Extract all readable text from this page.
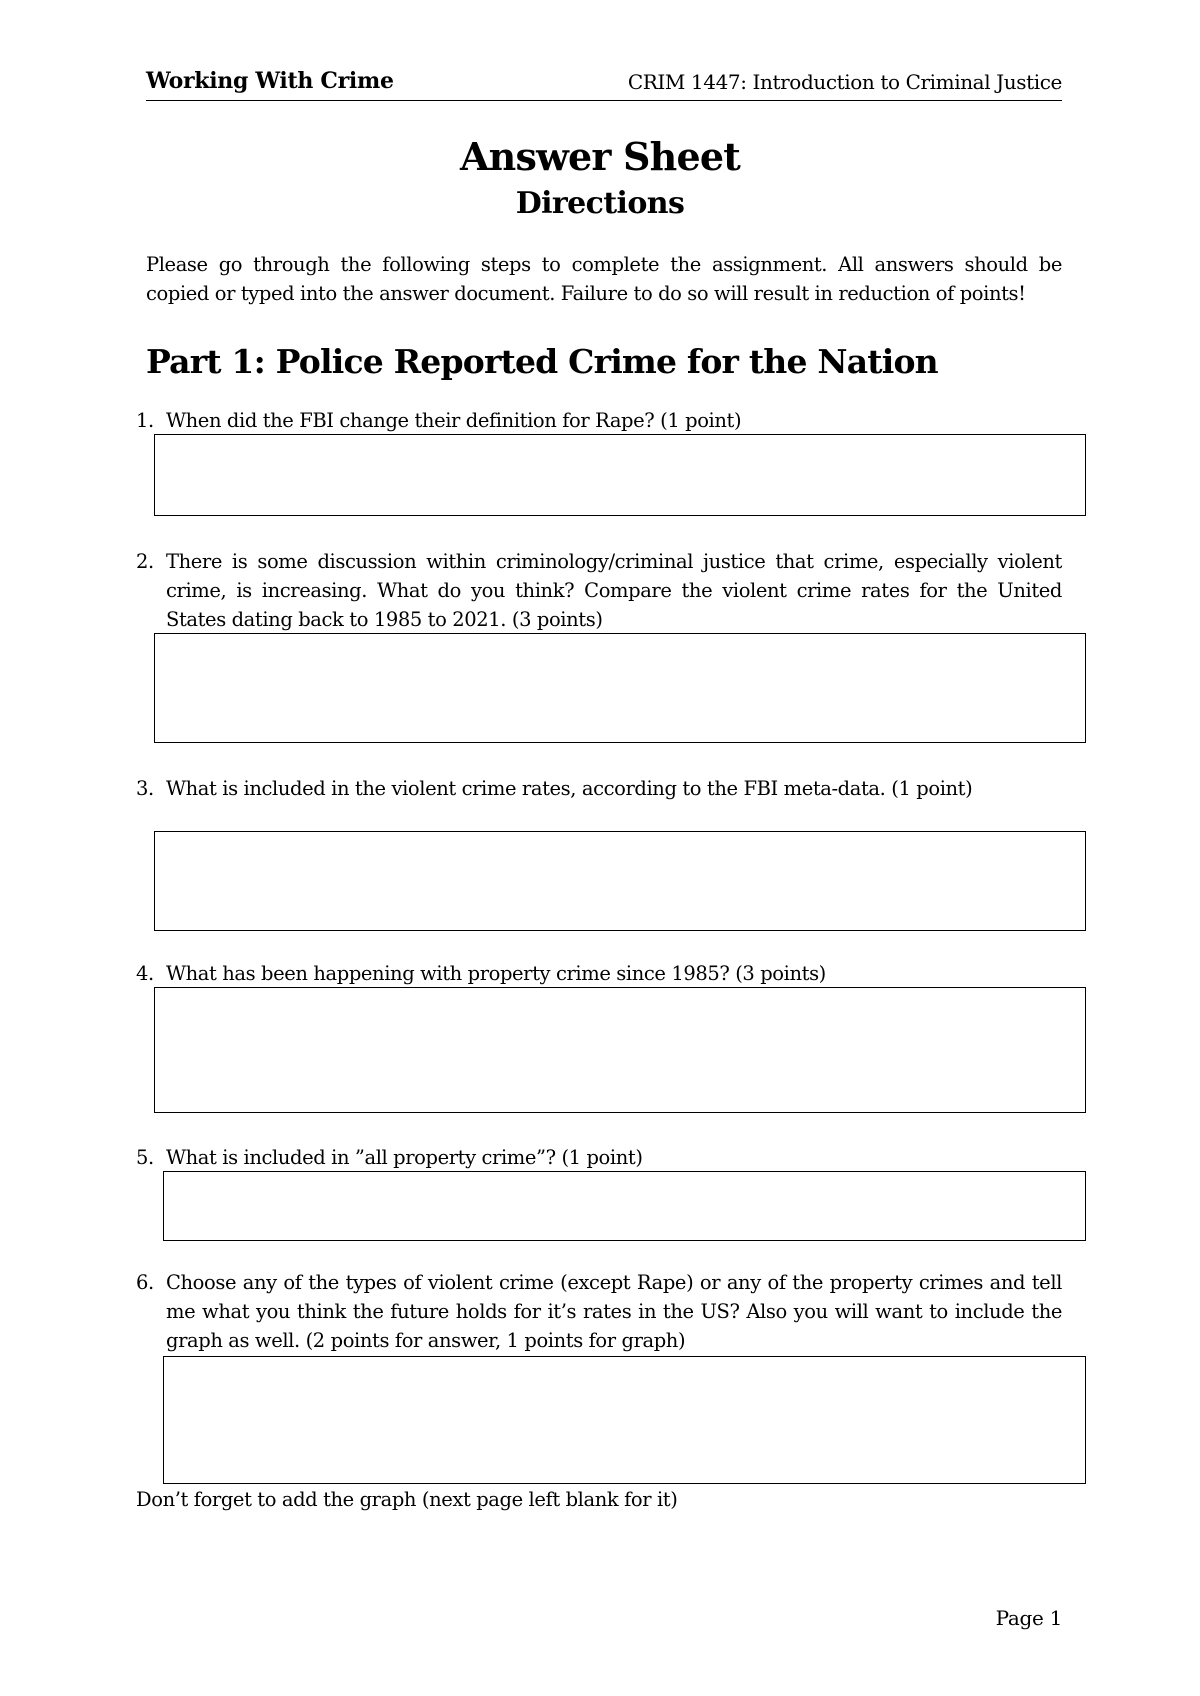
Working With Crime	CRIM 1447: Introduction to Criminal Justice
Answer Sheet
Directions
Please go through the following steps to complete the assignment. All answers should be copied or typed into the answer document. Failure to do so will result in reduction of points!
Part 1: Police Reported Crime for the Nation
1. When did the FBI change their definition for Rape? (1 point)
2. There is some discussion within criminology/criminal justice that crime, especially violent crime, is increasing. What do you think? Compare the violent crime rates for the United States dating back to 1985 to 2021. (3 points)
3. What is included in the violent crime rates, according to the FBI meta-data. (1 point)
4. What has been happening with property crime since 1985? (3 points)
5. What is included in ”all property crime”? (1 point)
6. Choose any of the types of violent crime (except Rape) or any of the property crimes and tell me what you think the future holds for it’s rates in the US? Also you will want to include the graph as well. (2 points for answer, 1 points for graph)
Don’t forget to add the graph (next page left blank for it)
Page 1
